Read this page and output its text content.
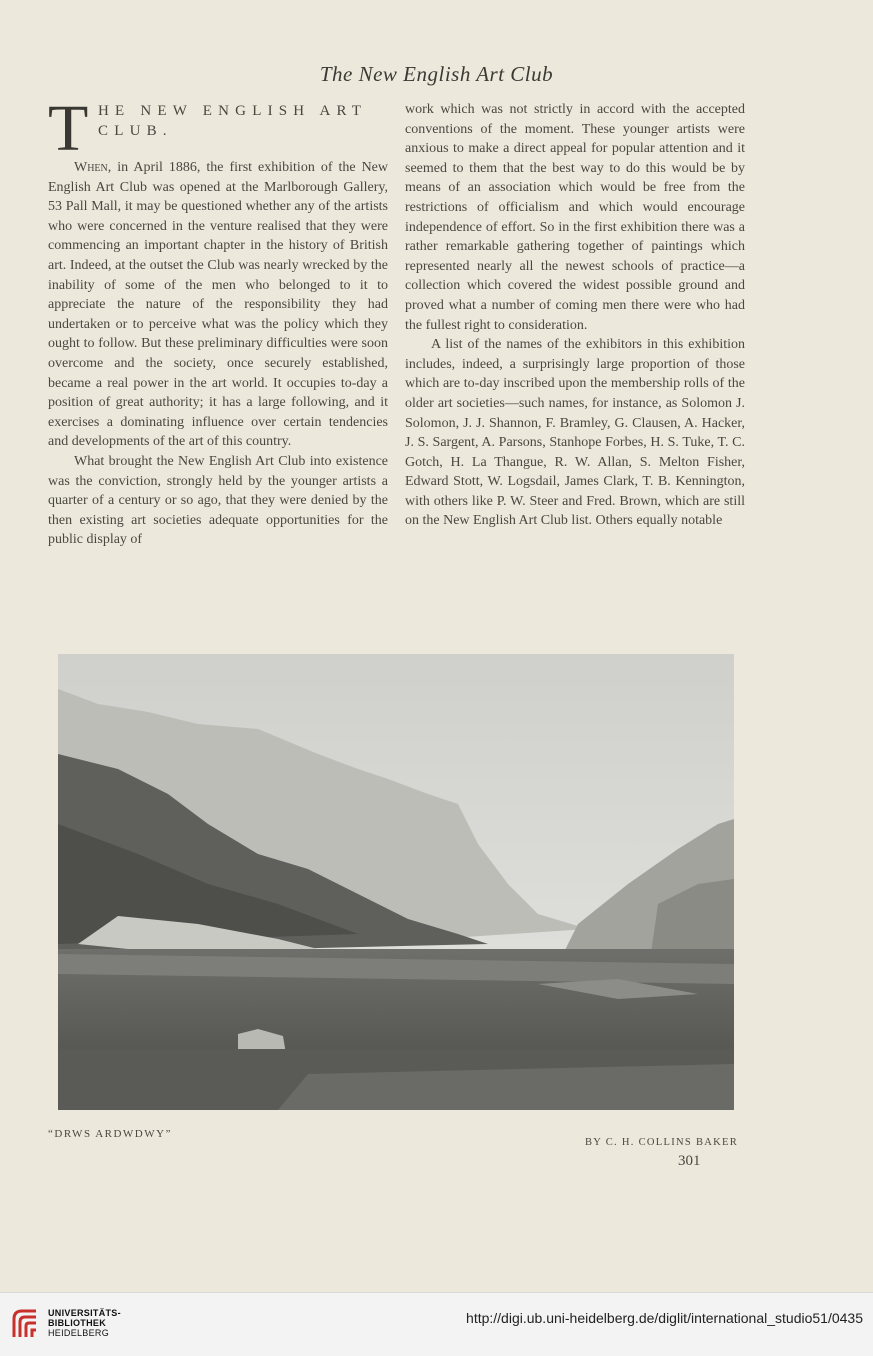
The New English Art Club
T HE NEW ENGLISH ART
CLUB.

When, in April 1886, the first exhibition of the New English Art Club was opened at the Marlborough Gallery, 53 Pall Mall, it may be questioned whether any of the artists who were concerned in the venture realised that they were commencing an important chapter in the history of British art. Indeed, at the outset the Club was nearly wrecked by the inability of some of the men who belonged to it to appreciate the nature of the responsibility they had undertaken or to perceive what was the policy which they ought to follow. But these preliminary difficulties were soon overcome and the society, once securely established, became a real power in the art world. It occupies to-day a position of great authority; it has a large following, and it exercises a dominating influence over certain tendencies and developments of the art of this country.

What brought the New English Art Club into existence was the conviction, strongly held by the younger artists a quarter of a century or so ago, that they were denied by the then existing art societies adequate opportunities for the public display of

work which was not strictly in accord with the accepted conventions of the moment. These younger artists were anxious to make a direct appeal for popular attention and it seemed to them that the best way to do this would be by means of an association which would be free from the restrictions of officialism and which would encourage independence of effort. So in the first exhibition there was a rather remarkable gathering together of paintings which represented nearly all the newest schools of practice—a collection which covered the widest possible ground and proved what a number of coming men there were who had the fullest right to consideration.

A list of the names of the exhibitors in this exhibition includes, indeed, a surprisingly large proportion of those which are to-day inscribed upon the membership rolls of the older art societies—such names, for instance, as Solomon J. Solomon, J. J. Shannon, F. Bramley, G. Clausen, A. Hacker, J. S. Sargent, A. Parsons, Stanhope Forbes, H. S. Tuke, T. C. Gotch, H. La Thangue, R. W. Allan, S. Melton Fisher, Edward Stott, W. Logsdail, James Clark, T. B. Kennington, with others like P. W. Steer and Fred. Brown, which are still on the New English Art Club list. Others equally notable

“DRWS ARDWDWY”
BY C. H. COLLINS BAKER
301
UNIVERSITÄTS-
BIBLIOTHEK
HEIDELBERG
http://digi.ub.uni-heidelberg.de/diglit/international_studio51/0435
